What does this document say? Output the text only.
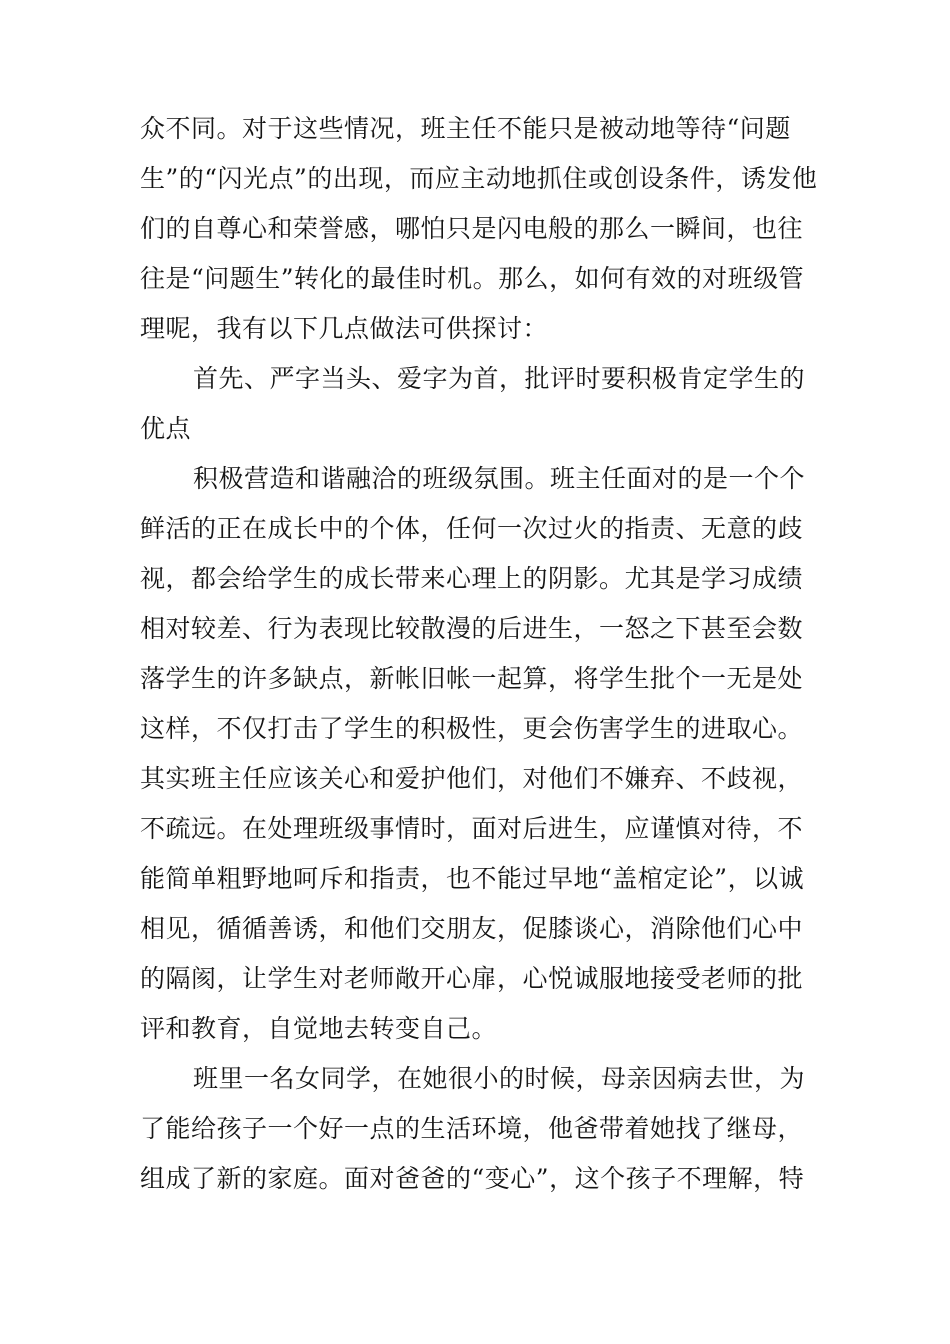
众不同。对于这些情况，班主任不能只是被动地等待“问题
生”的“闪光点”的出现，而应主动地抓住或创设条件，诱发他
们的自尊心和荣誉感，哪怕只是闪电般的那么一瞬间，也往
往是“问题生”转化的最佳时机。那么，如何有效的对班级管
理呢，我有以下几点做法可供探讨：
首先、严字当头、爱字为首，批评时要积极肯定学生的
优点
积极营造和谐融洽的班级氛围。班主任面对的是一个个
鲜活的正在成长中的个体，任何一次过火的指责、无意的歧
视，都会给学生的成长带来心理上的阴影。尤其是学习成绩
相对较差、行为表现比较散漫的后进生，一怒之下甚至会数
落学生的许多缺点，新帐旧帐一起算，将学生批个一无是处
这样，不仅打击了学生的积极性，更会伤害学生的进取心。
其实班主任应该关心和爱护他们，对他们不嫌弃、不歧视，
不疏远。在处理班级事情时，面对后进生，应谨慎对待，不
能简单粗野地呵斥和指责，也不能过早地“盖棺定论”，以诚
相见，循循善诱，和他们交朋友，促膝谈心，消除他们心中
的隔阂，让学生对老师敞开心扉，心悦诚服地接受老师的批
评和教育，自觉地去转变自己。
班里一名女同学，在她很小的时候，母亲因病去世，为
了能给孩子一个好一点的生活环境，他爸带着她找了继母，
组成了新的家庭。面对爸爸的“变心”，这个孩子不理解，特
